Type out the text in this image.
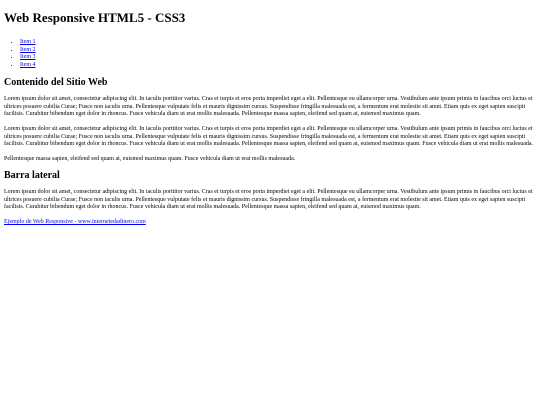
Web Responsive HTML5 - CSS3
• Item 1
• Item 2
• Item 3
• Item 4
Contenido del Sitio Web

Lorem ipsum dolor sit amet, consectetur adipiscing elit. In iaculis porttitor varius. Cras et turpis et eros porta imperdiet eget a elit. Pellentesque eu ullamcorper urna. Vestibulum ante ipsum primis in faucibus orci luctus et ultrices posuere cubilia Curae; Fusce non iaculis urna. Pellentesque vulputate felis et mauris dignissim cursus. Suspendisse fringilla malesuada est, a fermentum erat molestie sit amet. Etiam quis ex eget sapien suscipit facilisis. Curabitur bibendum eget dolor in rhoncus. Fusce vehicula diam ut erat mollis malesuada. Pellentesque massa sapien, eleifend sed quam at, euismod maximus quam.

Lorem ipsum dolor sit amet, consectetur adipiscing elit. In iaculis porttitor varius. Cras et turpis et eros porta imperdiet eget a elit. Pellentesque eu ullamcorper urna. Vestibulum ante ipsum primis in faucibus orci luctus et ultrices posuere cubilia Curae; Fusce non iaculis urna. Pellentesque vulputate felis et mauris dignissim cursus. Suspendisse fringilla malesuada est, a fermentum erat molestie sit amet. Etiam quis ex eget sapien suscipit facilisis. Curabitur bibendum eget dolor in rhoncus. Fusce vehicula diam ut erat mollis malesuada. Pellentesque massa sapien, eleifend sed quam at, euismod maximus quam. Fusce vehicula diam ut erat mollis malesuada.

Pellentesque massa sapien, eleifend sed quam at, euismod maximus quam. Fusce vehicula diam ut erat mollis malesuada.

Barra lateral

Lorem ipsum dolor sit amet, consectetur adipiscing elit. In iaculis porttitor varius. Cras et turpis et eros porta imperdiet eget a elit. Pellentesque eu ullamcorper urna. Vestibulum ante ipsum primis in faucibus orci luctus et ultrices posuere cubilia Curae; Fusce non iaculis urna. Pellentesque vulputate felis et mauris dignissim cursus. Suspendisse fringilla malesuada est, a fermentum erat molestie sit amet. Etiam quis ex eget sapien suscipit facilisis. Curabitur bibendum eget dolor in rhoncus. Fusce vehicula diam ut erat mollis malesuada. Pellentesque massa sapien, eleifend sed quam at, euismod maximus quam.

Ejemplo de Web Responsive - www.internetedadinero.com
